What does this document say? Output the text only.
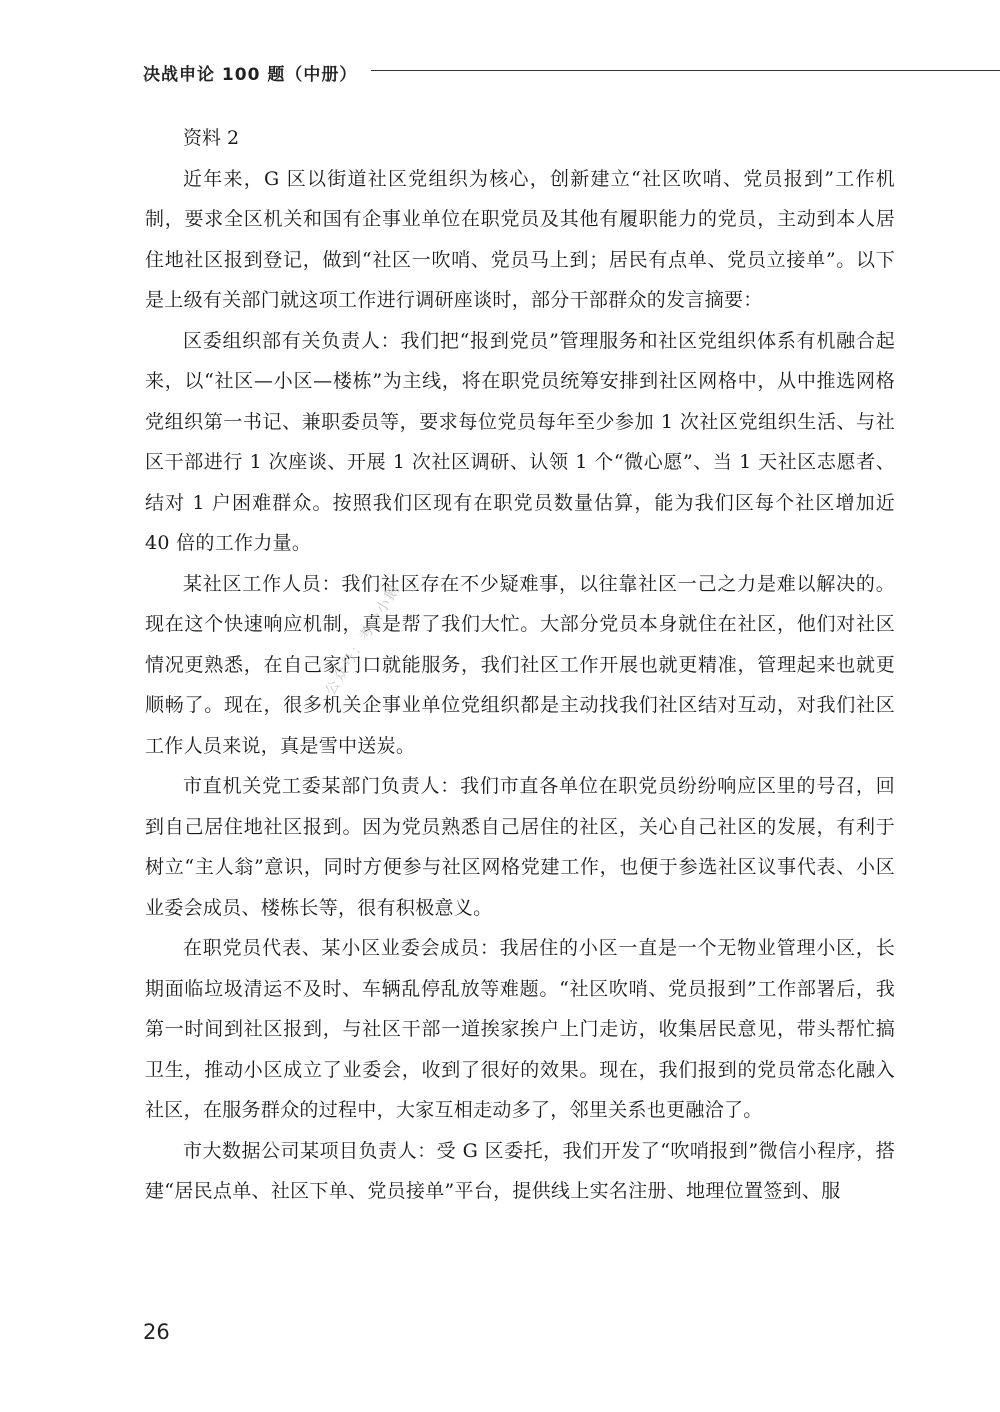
决战申论 100 题（中册）

资料 2

近年来，G 区以街道社区党组织为核心，创新建立“社区吹哨、党员报到”工作机制，要求全区机关和国有企事业单位在职党员及其他有履职能力的党员，主动到本人居住地社区报到登记，做到“社区一吹哨、党员马上到；居民有点单、党员立接单”。以下是上级有关部门就这项工作进行调研座谈时，部分干部群众的发言摘要：

区委组织部有关负责人：我们把“报到党员”管理服务和社区党组织体系有机融合起来，以“社区—小区—楼栋”为主线，将在职党员统筹安排到社区网格中，从中推选网格党组织第一书记、兼职委员等，要求每位党员每年至少参加 1 次社区党组织生活、与社区干部进行 1 次座谈、开展 1 次社区调研、认领 1 个“微心愿”、当 1 天社区志愿者、结对 1 户困难群众。按照我们区现有在职党员数量估算，能为我们区每个社区增加近 40 倍的工作力量。

某社区工作人员：我们社区存在不少疑难事，以往靠社区一己之力是难以解决的。现在这个快速响应机制，真是帮了我们大忙。大部分党员本身就住在社区，他们对社区情况更熟悉，在自己家门口就能服务，我们社区工作开展也就更精准，管理起来也就更顺畅了。现在，很多机关企事业单位党组织都是主动找我们社区结对互动，对我们社区工作人员来说，真是雪中送炭。

市直机关党工委某部门负责人：我们市直各单位在职党员纷纷响应区里的号召，回到自己居住地社区报到。因为党员熟悉自己居住的社区，关心自己社区的发展，有利于树立“主人翁”意识，同时方便参与社区网格党建工作，也便于参选社区议事代表、小区业委会成员、楼栋长等，很有积极意义。

在职党员代表、某小区业委会成员：我居住的小区一直是一个无物业管理小区，长期面临垃圾清运不及时、车辆乱停乱放等难题。“社区吹哨、党员报到”工作部署后，我第一时间到社区报到，与社区干部一道挨家挨户上门走访，收集居民意见，带头帮忙搞卫生，推动小区成立了业委会，收到了很好的效果。现在，我们报到的党员常态化融入社区，在服务群众的过程中，大家互相走动多了，邻里关系也更融洽了。

市大数据公司某项目负责人：受 G 区委托，我们开发了“吹哨报到”微信小程序，搭建“居民点单、社区下单、党员接单”平台，提供线上实名注册、地理位置签到、服

公众号：考公小鹅
26
